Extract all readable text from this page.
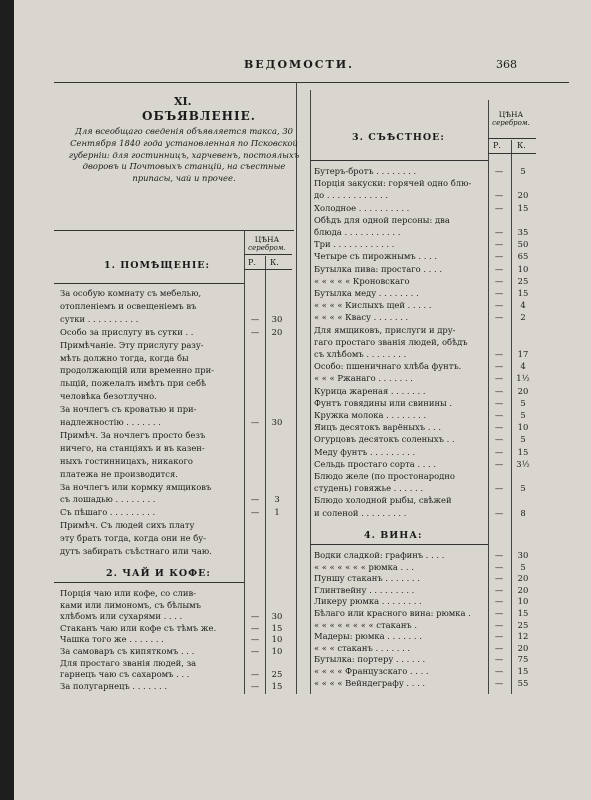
ВЕДОМОСТИ.	368
XI.
ОБЪЯВЛЕНIЕ.
Для всеобщаго сведенiя объявляется такса, 30 Сентября 1840 года установленная по Псковской губернiи: для гостинницъ, харчевенъ, постоялыхъ дворовъ и Почтовыхъ станцiй, на съестные припасы, чай и прочее.
ЦѢНА
серебром.
Р. К.
1. ПОМѢЩЕНIЕ:
За особую комнату съ мебелью,
отопленiемъ и освещенiемъ въ
сутки . . . . . . . . . .	—	30
Особо за прислугу въ сутки . .	—	20
Примѣчанiе. Эту прислугу разу-
мѣть должно тогда, когда бы
продолжающiй или временно при-
льщiй, пожелалъ имѣть при себѣ
человѣка безотлучно.
За ночлегъ съ кроватью и при-
надлежностiю . . . . . . .	—	30
Примѣч. За ночлегъ просто безъ
ничего, на станцiяхъ и въ казен-
ныхъ гостинницахъ, никакого
платежа не производится.
За ночлегъ или кормку ямщиковъ
съ лошадью . . . . . . . .	—	3
Съ пѣшаго . . . . . . . . .	—	1
Примѣч. Съ людей сихъ плату
эту брать тогда, когда они не бу-
дутъ забирать съѣстнаго или чаю.
2. ЧАЙ И КОФЕ:
Порцiя чаю или кофе, со слив-
ками или лимономъ, съ бѣлымъ
хлѣбомъ или сухарями . . . .	—	30
Стаканъ чаю или кофе съ тѣмъ же.	—	15
Чашка того же . . . . . . .	—	10
За самоваръ съ кипяткомъ . . .	—	10
Для простаго званiя людей, за
гарнецъ чаю съ сахаромъ . . .	—	25
За полугарнецъ . . . . . . .	—	15
ЦѢНА
серебром.
Р. К.
3. СЪѢСТНОЕ:
Бутеръ-бротъ . . . . . . . .	—	5
Порцiя закуски: горячей одно блю-
до . . . . . . . . . . . .	—	20
Холодное . . . . . . . . . .	—	15
Обѣдъ для одной персоны: два
блюда . . . . . . . . . . .	—	35
Три . . . . . . . . . . . .	—	50
Четыре съ пирожнымъ . . . .	—	65
Бутылка пива: простаго . . . .	—	10
« « « « « Кроновскаго	—	25
Бутылка меду . . . . . . . .	—	15
« « « « Кислыхъ щей . . . . .	—	4
« « « « Квасу . . . . . . .	—	2
Для ямщиковъ, прислуги и дру-
гаго простаго званiя людей, обѣдъ
съ хлѣбомъ . . . . . . . .	—	17
Особо: пшеничнаго хлѣба фунтъ.	—	4
« « « Ржанаго . . . . . . .	—	1½
Курица жареная . . . . . . .	—	20
Фунтъ говядины или свинины .	—	5
Кружка молока . . . . . . . .	—	5
Яицъ десятокъ варёныхъ . . .	—	10
Огурцовъ десятокъ соленыхъ . .	—	5
Меду фунтъ . . . . . . . . .	—	15
Сельдь простаго сорта . . . .	—	3½
Блюдо желе (по простонародно
студень) говяжье . . . . . .	—	5
Блюдо холодной рыбы, свѣжей
и соленой . . . . . . . . .	—	8
4. ВИНА:
Водки сладкой: графинъ . . . .	—	30
« « « « « « « рюмка . . .	—	5
Пуншу стаканъ . . . . . . .	—	20
Глинтвейну . . . . . . . . .	—	20
Ликеру рюмка . . . . . . . .	—	10
Бѣлаго или красного вина: рюмка .	—	15
« « « « « « « « стаканъ .	—	25
Мадеры: рюмка . . . . . . .	—	12
« « « стаканъ . . . . . . .	—	20
Бутылка: портеру . . . . . .	—	75
« « « « Французскаго . . . .	—	15
« « « « Вейндеграфу . . . .	—	55
